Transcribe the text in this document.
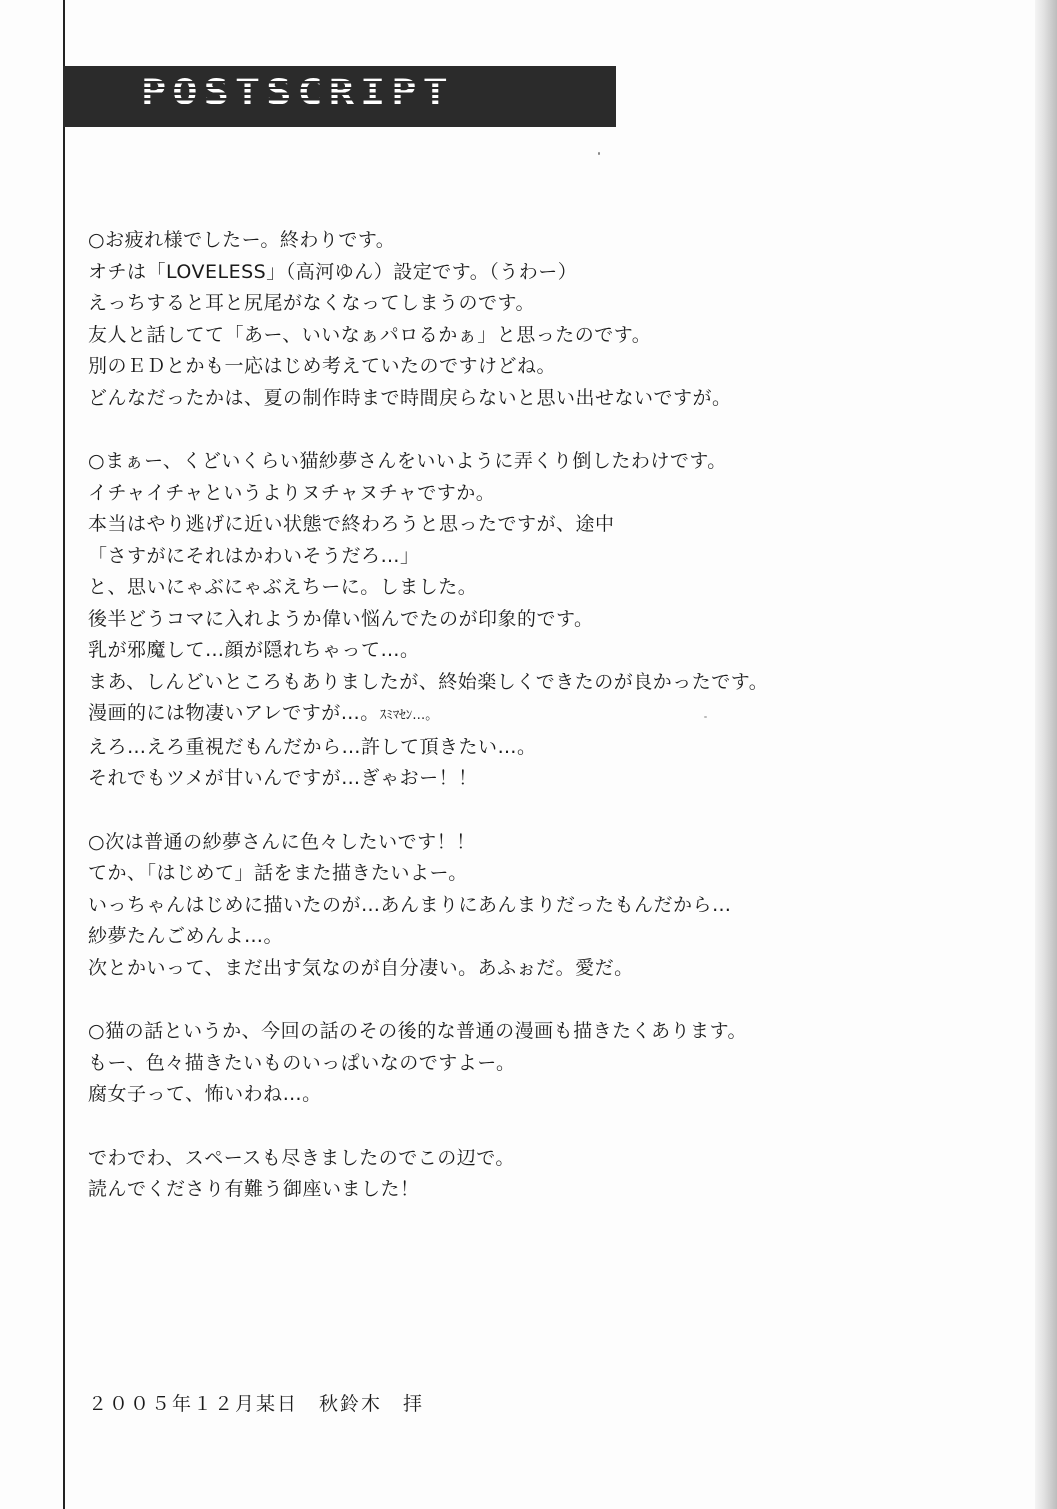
POSTSCRIPT
○お疲れ様でしたー。終わりです。
オチは「LOVELESS」（高河ゆん）設定です。（うわー）
えっちすると耳と尻尾がなくなってしまうのです。
友人と話してて「あー、いいなぁパロるかぁ」と思ったのです。
別のＥＤとかも一応はじめ考えていたのですけどね。
どんなだったかは、夏の制作時まで時間戻らないと思い出せないですが。
○まぁー、くどいくらい猫紗夢さんをいいように弄くり倒したわけです。
イチャイチャというよりヌチャヌチャですか。
本当はやり逃げに近い状態で終わろうと思ったですが、途中
「さすがにそれはかわいそうだろ…」
と、思いにゃぶにゃぶえちーに。しました。
後半どうコマに入れようか偉い悩んでたのが印象的です。
乳が邪魔して…顔が隠れちゃって…。
まあ、しんどいところもありましたが、終始楽しくできたのが良かったです。
漫画的には物凄いアレですが…。ｽﾐﾏｾﾝ…。
えろ…えろ重視だもんだから…許して頂きたい…。
それでもツメが甘いんですが…ぎゃおー！！
○次は普通の紗夢さんに色々したいです！！
てか、「はじめて」話をまた描きたいよー。
いっちゃんはじめに描いたのが…あんまりにあんまりだったもんだから…
紗夢たんごめんよ…。
次とかいって、まだ出す気なのが自分凄い。あふぉだ。愛だ。
○猫の話というか、今回の話のその後的な普通の漫画も描きたくあります。
もー、色々描きたいものいっぱいなのですよー。
腐女子って、怖いわね…。
でわでわ、スペースも尽きましたのでこの辺で。
読んでくださり有難う御座いました！
２００５年１２月某日　秋鈴木　拝
